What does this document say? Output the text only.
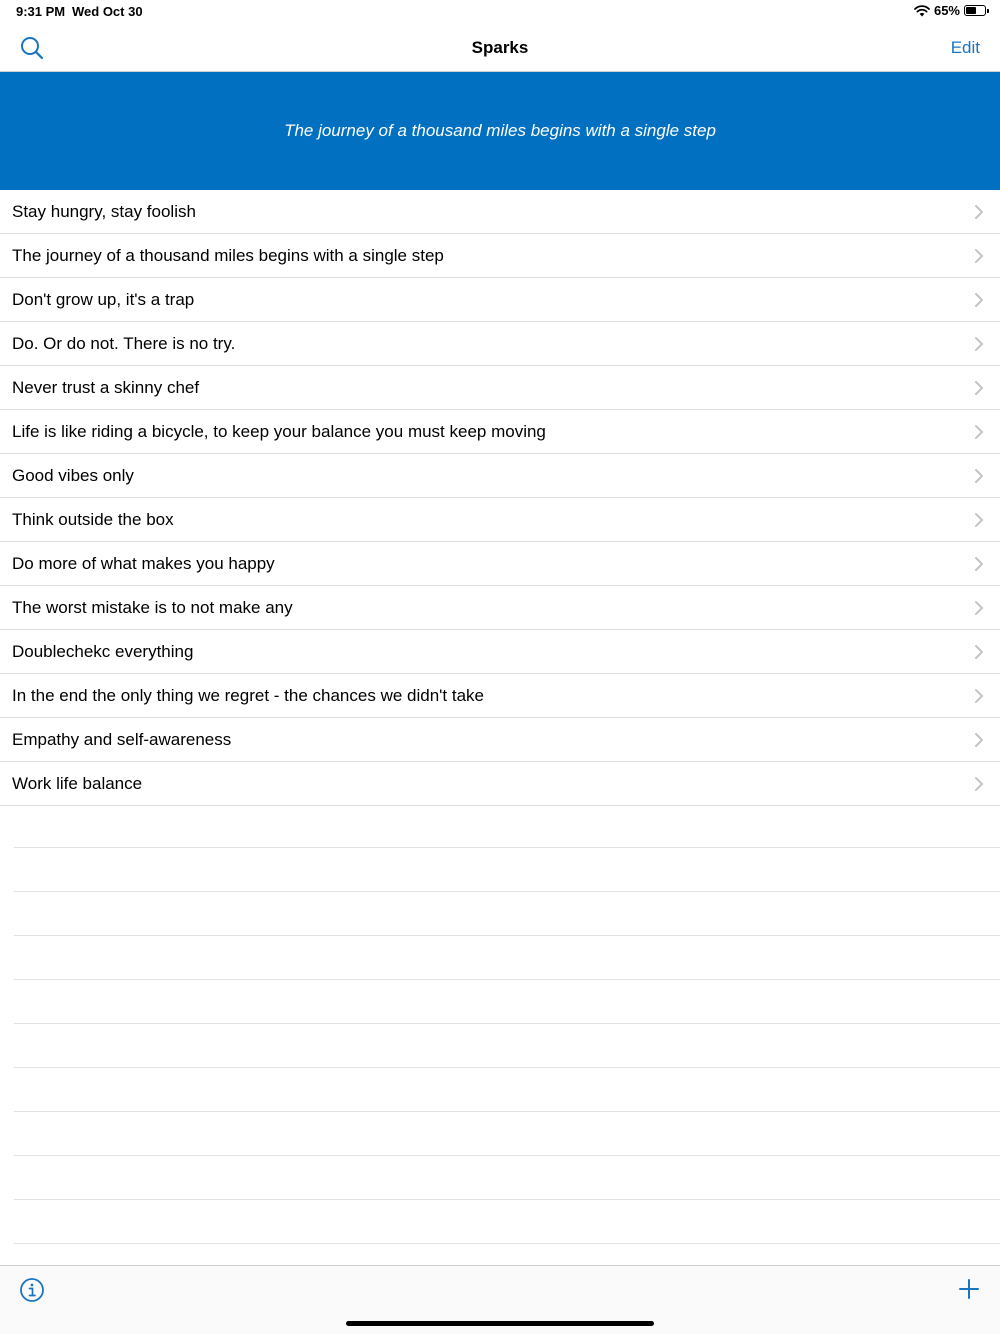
9:31 PM Wed Oct 30	65%
Sparks	Edit
The journey of a thousand miles begins with a single step
Stay hungry, stay foolish
The journey of a thousand miles begins with a single step
Don't grow up, it's a trap
Do. Or do not. There is no try.
Never trust a skinny chef
Life is like riding a bicycle, to keep your balance you must keep moving
Good vibes only
Think outside the box
Do more of what makes you happy
The worst mistake is to not make any
Doublechekc everything
In the end the only thing we regret - the chances we didn't take
Empathy and self-awareness
Work life balance
